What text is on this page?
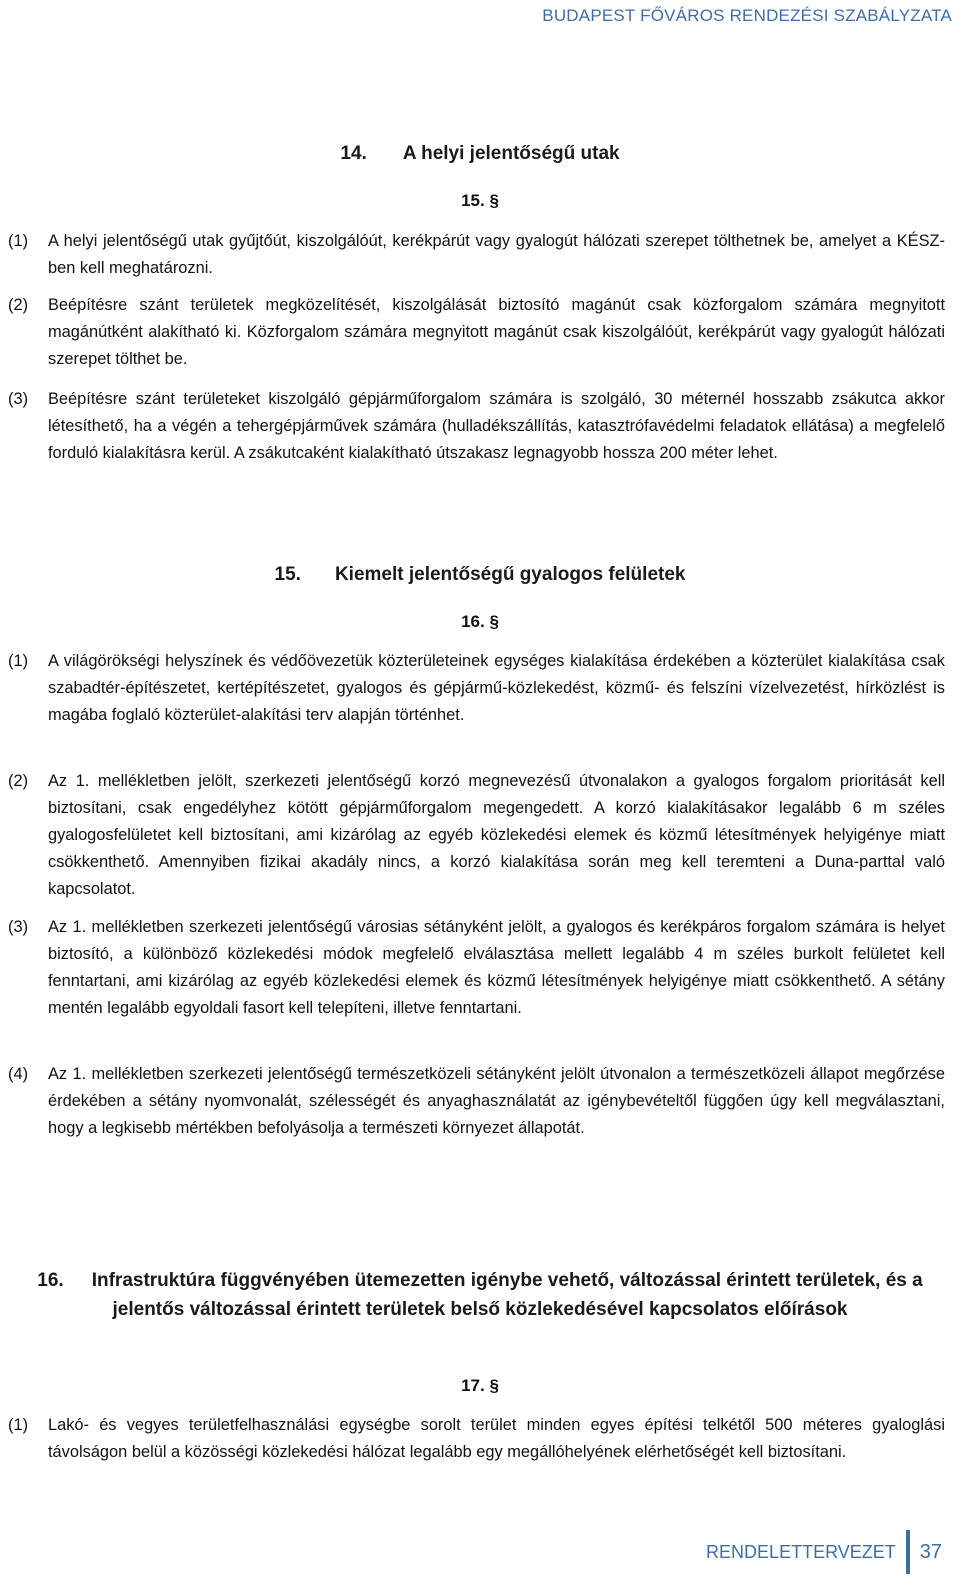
BUDAPEST FŐVÁROS RENDEZÉSI SZABÁLYZATA
14. A helyi jelentőségű utak
15. §
(1) A helyi jelentőségű utak gyűjtőút, kiszolgálóút, kerékpárút vagy gyalogút hálózati szerepet tölthetnek be, amelyet a KÉSZ-ben kell meghatározni.
(2) Beépítésre szánt területek megközelítését, kiszolgálását biztosító magánút csak közforgalom számára megnyitott magánútként alakítható ki. Közforgalom számára megnyitott magánút csak kiszolgálóút, kerékpárút vagy gyalogút hálózati szerepet tölthet be.
(3) Beépítésre szánt területeket kiszolgáló gépjárműforgalom számára is szolgáló, 30 méternél hosszabb zsákutca akkor létesíthető, ha a végén a tehergépjárművek számára (hulladékszállítás, katasztrófavédelmi feladatok ellátása) a megfelelő forduló kialakításra kerül. A zsákutcaként kialakítható útszakasz legnagyobb hossza 200 méter lehet.
15. Kiemelt jelentőségű gyalogos felületek
16. §
(1) A világörökségi helyszínek és védőövezetük közterületeinek egységes kialakítása érdekében a közterület kialakítása csak szabadtér-építészetet, kertépítészetet, gyalogos és gépjármű-közlekedést, közmű- és felszíni vízelvezetést, hírközlést is magába foglaló közterület-alakítási terv alapján történhet.
(2) Az 1. mellékletben jelölt, szerkezeti jelentőségű korzó megnevezésű útvonalakon a gyalogos forgalom prioritását kell biztosítani, csak engedélyhez kötött gépjárműforgalom megengedett. A korzó kialakításakor legalább 6 m széles gyalogosfelületet kell biztosítani, ami kizárólag az egyéb közlekedési elemek és közmű létesítmények helyigénye miatt csökkenthető. Amennyiben fizikai akadály nincs, a korzó kialakítása során meg kell teremteni a Duna-parttal való kapcsolatot.
(3) Az 1. mellékletben szerkezeti jelentőségű városias sétányként jelölt, a gyalogos és kerékpáros forgalom számára is helyet biztosító, a különböző közlekedési módok megfelelő elválasztása mellett legalább 4 m széles burkolt felületet kell fenntartani, ami kizárólag az egyéb közlekedési elemek és közmű létesítmények helyigénye miatt csökkenthető. A sétány mentén legalább egyoldali fasort kell telepíteni, illetve fenntartani.
(4) Az 1. mellékletben szerkezeti jelentőségű természetközeli sétányként jelölt útvonalon a természetközeli állapot megőrzése érdekében a sétány nyomvonalát, szélességét és anyaghasználatát az igénybevételtől függően úgy kell megválasztani, hogy a legkisebb mértékben befolyásolja a természeti környezet állapotát.
16. Infrastruktúra függvényében ütemezetten igénybe vehető, változással érintett területek, és a jelentős változással érintett területek belső közlekedésével kapcsolatos előírások
17. §
(1) Lakó- és vegyes területfelhasználási egységbe sorolt terület minden egyes építési telkétől 500 méteres gyaloglási távolságon belül a közösségi közlekedési hálózat legalább egy megállóhelyének elérhetőségét kell biztosítani.
RENDELETTERVEZET	37
